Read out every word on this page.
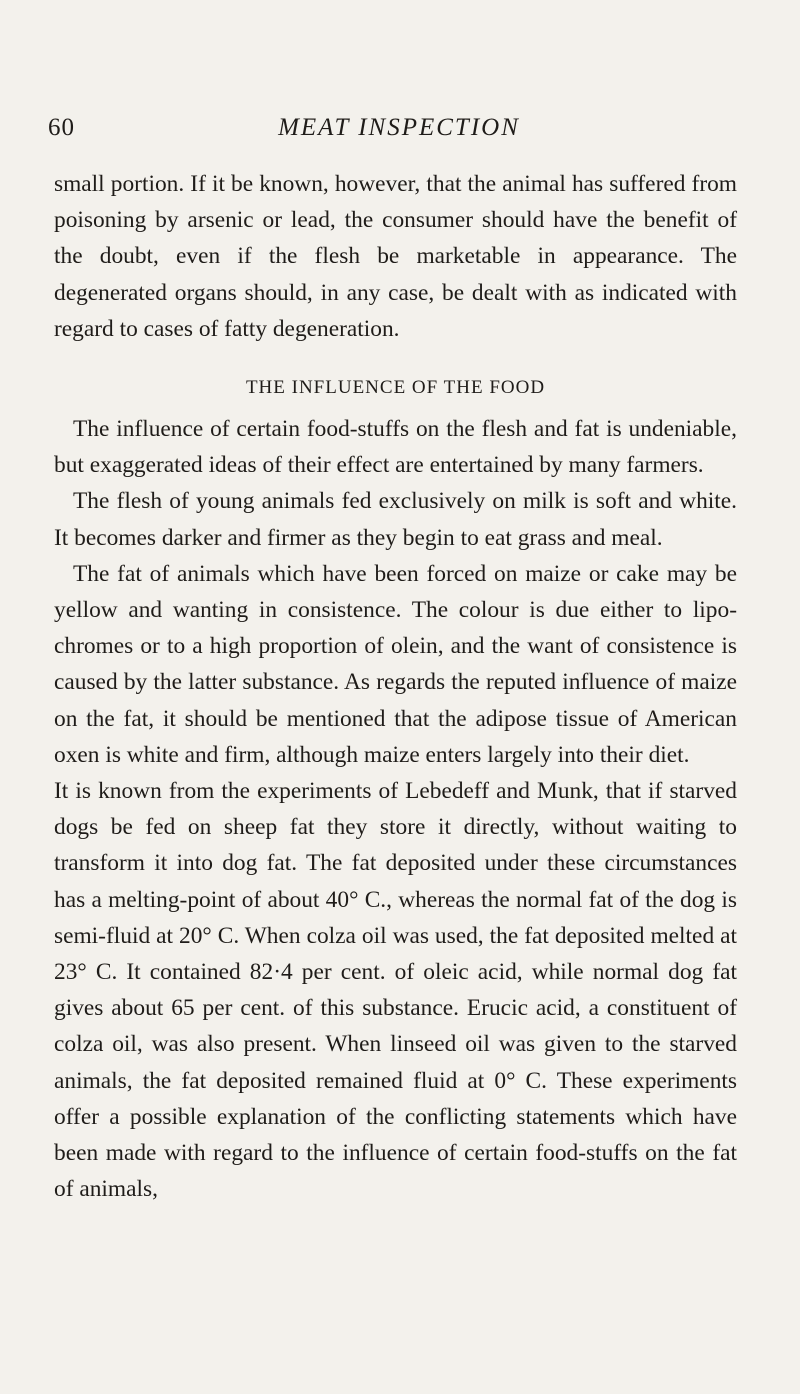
60	MEAT INSPECTION

small portion. If it be known, however, that the animal has suffered from poisoning by arsenic or lead, the consumer should have the benefit of the doubt, even if the flesh be marketable in appearance. The degenerated organs should, in any case, be dealt with as indicated with regard to cases of fatty degeneration.

THE INFLUENCE OF THE FOOD

The influence of certain food-stuffs on the flesh and fat is undeniable, but exaggerated ideas of their effect are entertained by many farmers.

The flesh of young animals fed exclusively on milk is soft and white. It becomes darker and firmer as they begin to eat grass and meal.

The fat of animals which have been forced on maize or cake may be yellow and wanting in consistence. The colour is due either to lipo-chromes or to a high proportion of olein, and the want of consistence is caused by the latter substance. As regards the reputed influence of maize on the fat, it should be mentioned that the adipose tissue of American oxen is white and firm, although maize enters largely into their diet.

It is known from the experiments of Lebedeff and Munk, that if starved dogs be fed on sheep fat they store it directly, without waiting to transform it into dog fat. The fat deposited under these circumstances has a melting-point of about 40° C., whereas the normal fat of the dog is semi-fluid at 20° C. When colza oil was used, the fat deposited melted at 23° C. It contained 82·4 per cent. of oleic acid, while normal dog fat gives about 65 per cent. of this substance. Erucic acid, a constituent of colza oil, was also present. When linseed oil was given to the starved animals, the fat deposited remained fluid at 0° C. These experiments offer a possible explanation of the conflicting statements which have been made with regard to the influence of certain food-stuffs on the fat of animals,
